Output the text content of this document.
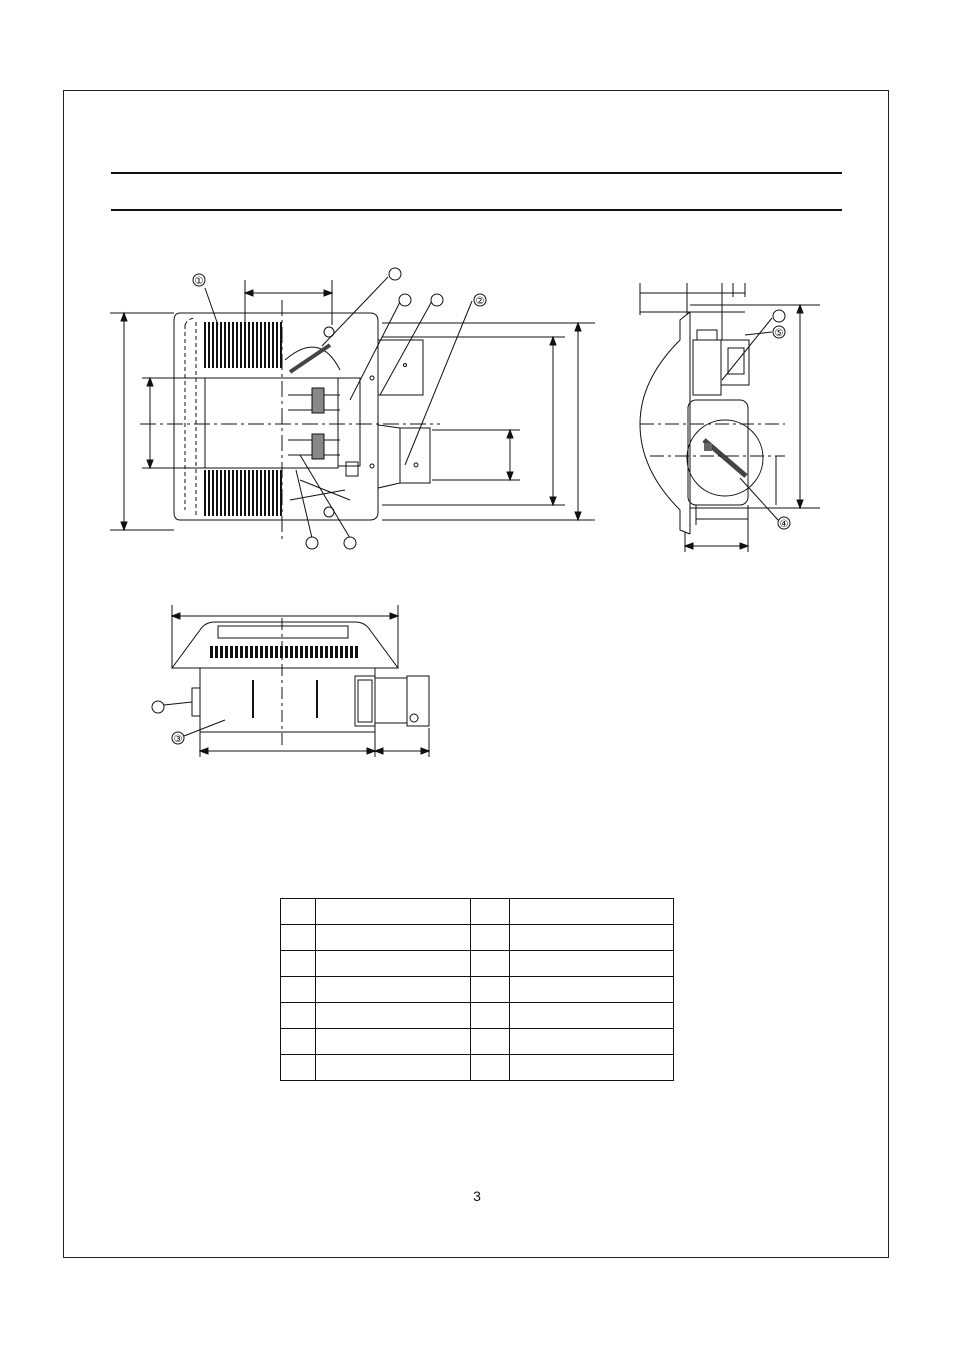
①
②
⑤
④
③

3
